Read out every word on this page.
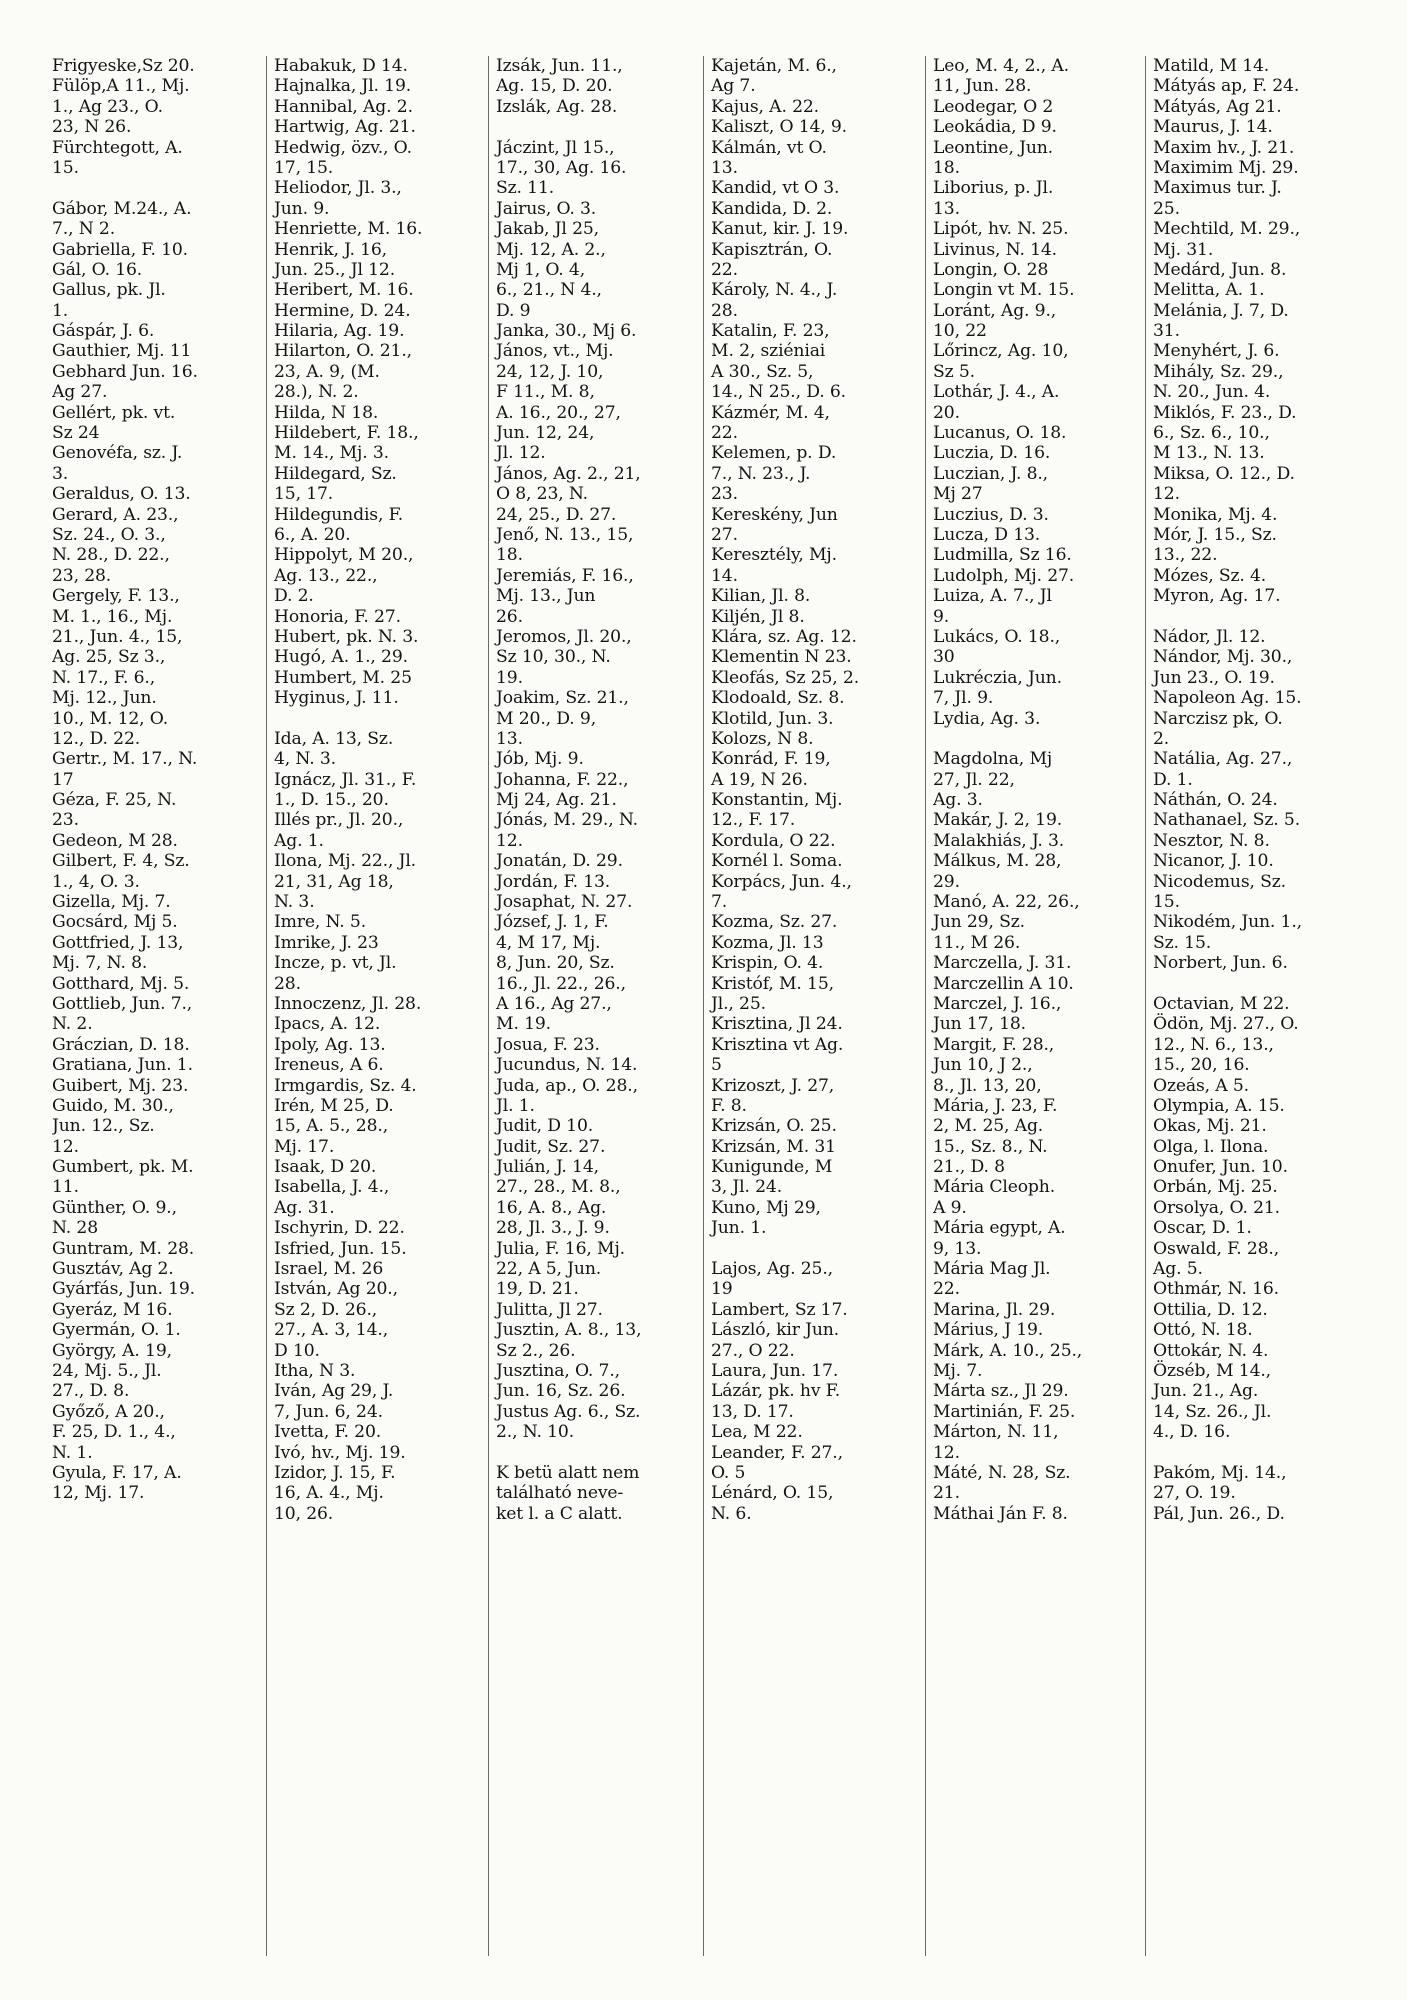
Frigyeske,Sz 20.
Fülöp,A 11., Mj.
1., Ag 23., O.
23, N 26.
Fürchtegott, A.
15.
Gábor, M.24., A.
7., N 2.
Gabriella, F. 10.
Gál, O. 16.
Gallus, pk. Jl.
1.
Gáspár, J. 6.
Gauthier, Mj. 11
Gebhard Jun. 16.
Ag 27.
Gellért, pk. vt.
Sz 24
Genovéfa, sz. J.
3.
Geraldus, O. 13.
Gerard, A. 23.,
Sz. 24., O. 3.,
N. 28., D. 22.,
23, 28.
Gergely, F. 13.,
M. 1., 16., Mj.
21., Jun. 4., 15,
Ag. 25, Sz 3.,
N. 17., F. 6.,
Mj. 12., Jun.
10., M. 12, O.
12., D. 22.
Gertr., M. 17., N.
17
Géza, F. 25, N.
23.
Gedeon, M 28.
Gilbert, F. 4, Sz.
1., 4, O. 3.
Gizella, Mj. 7.
Gocsárd, Mj 5.
Gottfried, J. 13,
Mj. 7, N. 8.
Gotthard, Mj. 5.
Gottlieb, Jun. 7.,
N. 2.
Gráczian, D. 18.
Gratiana, Jun. 1.
Guibert, Mj. 23.
Guido, M. 30.,
Jun. 12., Sz.
12.
Gumbert, pk. M.
11.
Günther, O. 9.,
N. 28
Guntram, M. 28.
Gusztáv, Ag 2.
Gyárfás, Jun. 19.
Gyeráz, M 16.
Gyermán, O. 1.
György, A. 19,
24, Mj. 5., Jl.
27., D. 8.
Győző, A 20.,
F. 25, D. 1., 4.,
N. 1.
Gyula, F. 17, A.
12, Mj. 17.
Habakuk, D 14.
Hajnalka, Jl. 19.
Hannibal, Ag. 2.
Hartwig, Ag. 21.
Hedwig, özv., O.
17, 15.
Heliodor, Jl. 3.,
Jun. 9.
Henriette, M. 16.
Henrik, J. 16,
Jun. 25., Jl 12.
Heribert, M. 16.
Hermine, D. 24.
Hilaria, Ag. 19.
Hilarton, O. 21.,
23, A. 9, (M.
28.), N. 2.
Hilda, N 18.
Hildebert, F. 18.,
M. 14., Mj. 3.
Hildegard, Sz.
15, 17.
Hildegundis, F.
6., A. 20.
Hippolyt, M 20.,
Ag. 13., 22.,
D. 2.
Honoria, F. 27.
Hubert, pk. N. 3.
Hugó, A. 1., 29.
Humbert, M. 25
Hyginus, J. 11.
Ida, A. 13, Sz.
4, N. 3.
Ignácz, Jl. 31., F.
1., D. 15., 20.
Illés pr., Jl. 20.,
Ag. 1.
Ilona, Mj. 22., Jl.
21, 31, Ag 18,
N. 3.
Imre, N. 5.
Imrike, J. 23
Incze, p. vt, Jl.
28.
Innoczenz, Jl. 28.
Ipacs, A. 12.
Ipoly, Ag. 13.
Ireneus, A 6.
Irmgardis, Sz. 4.
Irén, M 25, D.
15, A. 5., 28.,
Mj. 17.
Isaak, D 20.
Isabella, J. 4.,
Ag. 31.
Ischyrin, D. 22.
Isfried, Jun. 15.
Israel, M. 26
István, Ag 20.,
Sz 2, D. 26.,
27., A. 3, 14.,
D 10.
Itha, N 3.
Iván, Ag 29, J.
7, Jun. 6, 24.
Ivetta, F. 20.
Ivó, hv., Mj. 19.
Izidor, J. 15, F.
16, A. 4., Mj.
10, 26.
Izsák, Jun. 11.,
Ag. 15, D. 20.
Izslák, Ag. 28.
Jáczint, Jl 15.,
17., 30, Ag. 16.
Sz. 11.
Jairus, O. 3.
Jakab, Jl 25,
Mj. 12, A. 2.,
Mj 1, O. 4,
6., 21., N 4.,
D. 9
Janka, 30., Mj 6.
János, vt., Mj.
24, 12, J. 10,
F 11., M. 8,
A. 16., 20., 27,
Jun. 12, 24,
Jl. 12.
János, Ag. 2., 21,
O 8, 23, N.
24, 25., D. 27.
Jenő, N. 13., 15,
18.
Jeremiás, F. 16.,
Mj. 13., Jun
26.
Jeromos, Jl. 20.,
Sz 10, 30., N.
19.
Joakim, Sz. 21.,
M 20., D. 9,
13.
Jób, Mj. 9.
Johanna, F. 22.,
Mj 24, Ag. 21.
Jónás, M. 29., N.
12.
Jonatán, D. 29.
Jordán, F. 13.
Josaphat, N. 27.
József, J. 1, F.
4, M 17, Mj.
8, Jun. 20, Sz.
16., Jl. 22., 26.,
A 16., Ag 27.,
M. 19.
Josua, F. 23.
Jucundus, N. 14.
Juda, ap., O. 28.,
Jl. 1.
Judit, D 10.
Judit, Sz. 27.
Julián, J. 14,
27., 28., M. 8.,
16, A. 8., Ag.
28, Jl. 3., J. 9.
Julia, F. 16, Mj.
22, A 5, Jun.
19, D. 21.
Julitta, Jl 27.
Jusztin, A. 8., 13,
Sz 2., 26.
Jusztina, O. 7.,
Jun. 16, Sz. 26.
Justus Ag. 6., Sz.
2., N. 10.
K betü alatt nem
található neve-
ket l. a C alatt.
Kajetán, M. 6.,
Ag 7.
Kajus, A. 22.
Kaliszt, O 14, 9.
Kálmán, vt O.
13.
Kandid, vt O 3.
Kandida, D. 2.
Kanut, kir. J. 19.
Kapisztrán, O.
22.
Károly, N. 4., J.
28.
Katalin, F. 23,
M. 2, sziéniai
A 30., Sz. 5,
14., N 25., D. 6.
Kázmér, M. 4,
22.
Kelemen, p. D.
7., N. 23., J.
23.
Kereskény, Jun
27.
Keresztély, Mj.
14.
Kilian, Jl. 8.
Kiljén, Jl 8.
Klára, sz. Ag. 12.
Klementin N 23.
Kleofás, Sz 25, 2.
Klodoald, Sz. 8.
Klotild, Jun. 3.
Kolozs, N 8.
Konrád, F. 19,
A 19, N 26.
Konstantin, Mj.
12., F. 17.
Kordula, O 22.
Kornél l. Soma.
Korpács, Jun. 4.,
7.
Kozma, Sz. 27.
Kozma, Jl. 13
Krispin, O. 4.
Kristóf, M. 15,
Jl., 25.
Krisztina, Jl 24.
Krisztina vt Ag.
5
Krizoszt, J. 27,
F. 8.
Krizsán, O. 25.
Krizsán, M. 31
Kunigunde, M
3, Jl. 24.
Kuno, Mj 29,
Jun. 1.
Lajos, Ag. 25.,
19
Lambert, Sz 17.
László, kir Jun.
27., O 22.
Laura, Jun. 17.
Lázár, pk. hv F.
13, D. 17.
Lea, M 22.
Leander, F. 27.,
O. 5
Lénárd, O. 15,
N. 6.
Leo, M. 4, 2., A.
11, Jun. 28.
Leodegar, O 2
Leokádia, D 9.
Leontine, Jun.
18.
Liborius, p. Jl.
13.
Lipót, hv. N. 25.
Livinus, N. 14.
Longin, O. 28
Longin vt M. 15.
Loránt, Ag. 9.,
10, 22
Lőrincz, Ag. 10,
Sz 5.
Lothár, J. 4., A.
20.
Lucanus, O. 18.
Luczia, D. 16.
Luczian, J. 8.,
Mj 27
Luczius, D. 3.
Lucza, D 13.
Ludmilla, Sz 16.
Ludolph, Mj. 27.
Luiza, A. 7., Jl
9.
Lukács, O. 18.,
30
Lukréczia, Jun.
7, Jl. 9.
Lydia, Ag. 3.
Magdolna, Mj
27, Jl. 22,
Ag. 3.
Makár, J. 2, 19.
Malakhiás, J. 3.
Málkus, M. 28,
29.
Manó, A. 22, 26.,
Jun 29, Sz.
11., M 26.
Marczella, J. 31.
Marczellin A 10.
Marczel, J. 16.,
Jun 17, 18.
Margit, F. 28.,
Jun 10, J 2.,
8., Jl. 13, 20,
Mária, J. 23, F.
2, M. 25, Ag.
15., Sz. 8., N.
21., D. 8
Mária Cleoph.
A 9.
Mária egypt, A.
9, 13.
Mária Mag Jl.
22.
Marina, Jl. 29.
Márius, J 19.
Márk, A. 10., 25.,
Mj. 7.
Márta sz., Jl 29.
Martinián, F. 25.
Márton, N. 11,
12.
Máté, N. 28, Sz.
21.
Máthai Ján F. 8.
Matild, M 14.
Mátyás ap, F. 24.
Mátyás, Ag 21.
Maurus, J. 14.
Maxim hv., J. 21.
Maximim Mj. 29.
Maximus tur. J.
25.
Mechtild, M. 29.,
Mj. 31.
Medárd, Jun. 8.
Melitta, A. 1.
Melánia, J. 7, D.
31.
Menyhért, J. 6.
Mihály, Sz. 29.,
N. 20., Jun. 4.
Miklós, F. 23., D.
6., Sz. 6., 10.,
M 13., N. 13.
Miksa, O. 12., D.
12.
Monika, Mj. 4.
Mór, J. 15., Sz.
13., 22.
Mózes, Sz. 4.
Myron, Ag. 17.
Nádor, Jl. 12.
Nándor, Mj. 30.,
Jun 23., O. 19.
Napoleon Ag. 15.
Narczisz pk, O.
2.
Natália, Ag. 27.,
D. 1.
Náthán, O. 24.
Nathanael, Sz. 5.
Nesztor, N. 8.
Nicanor, J. 10.
Nicodemus, Sz.
15.
Nikodém, Jun. 1.,
Sz. 15.
Norbert, Jun. 6.
Octavian, M 22.
Ödön, Mj. 27., O.
12., N. 6., 13.,
15., 20, 16.
Ozeás, A 5.
Olympia, A. 15.
Okas, Mj. 21.
Olga, l. Ilona.
Onufer, Jun. 10.
Orbán, Mj. 25.
Orsolya, O. 21.
Oscar, D. 1.
Oswald, F. 28.,
Ag. 5.
Othmár, N. 16.
Ottilia, D. 12.
Ottó, N. 18.
Ottokár, N. 4.
Özséb, M 14.,
Jun. 21., Ag.
14, Sz. 26., Jl.
4., D. 16.
Pakóm, Mj. 14.,
27, O. 19.
Pál, Jun. 26., D.
